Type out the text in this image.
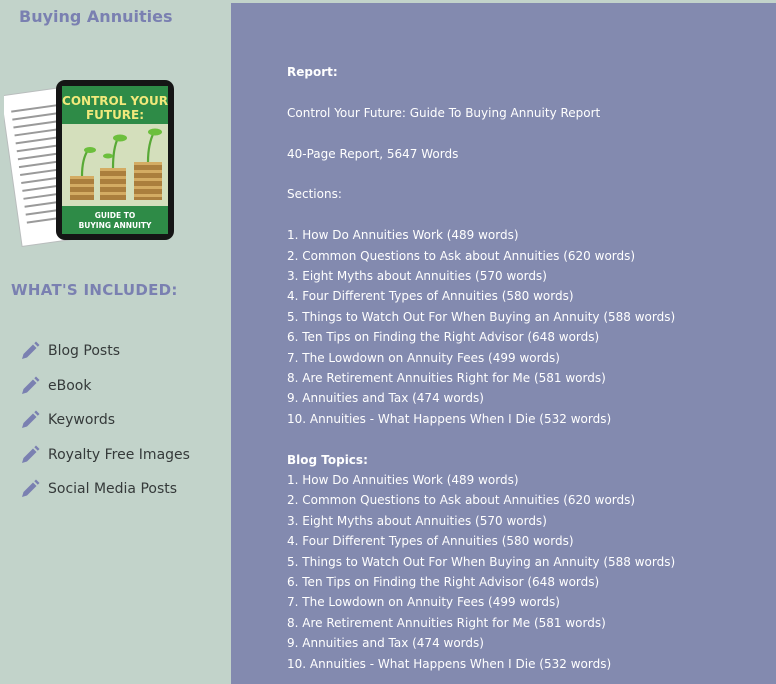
Buying Annuities
CONTROL YOUR
FUTURE:
GUIDE TO
BUYING ANNUITY
WHAT'S INCLUDED:
Blog Posts
eBook
Keywords
Royalty Free Images
Social Media Posts
Report:
Control Your Future: Guide To Buying Annuity Report
40-Page Report, 5647 Words
Sections:
1. How Do Annuities Work (489 words)
2. Common Questions to Ask about Annuities (620 words)
3. Eight Myths about Annuities (570 words)
4. Four Different Types of Annuities (580 words)
5. Things to Watch Out For When Buying an Annuity (588 words)
6. Ten Tips on Finding the Right Advisor (648 words)
7. The Lowdown on Annuity Fees (499 words)
8. Are Retirement Annuities Right for Me (581 words)
9. Annuities and Tax (474 words)
10. Annuities - What Happens When I Die (532 words)
Blog Topics:
1. How Do Annuities Work (489 words)
2. Common Questions to Ask about Annuities (620 words)
3. Eight Myths about Annuities (570 words)
4. Four Different Types of Annuities (580 words)
5. Things to Watch Out For When Buying an Annuity (588 words)
6. Ten Tips on Finding the Right Advisor (648 words)
7. The Lowdown on Annuity Fees (499 words)
8. Are Retirement Annuities Right for Me (581 words)
9. Annuities and Tax (474 words)
10. Annuities - What Happens When I Die (532 words)
